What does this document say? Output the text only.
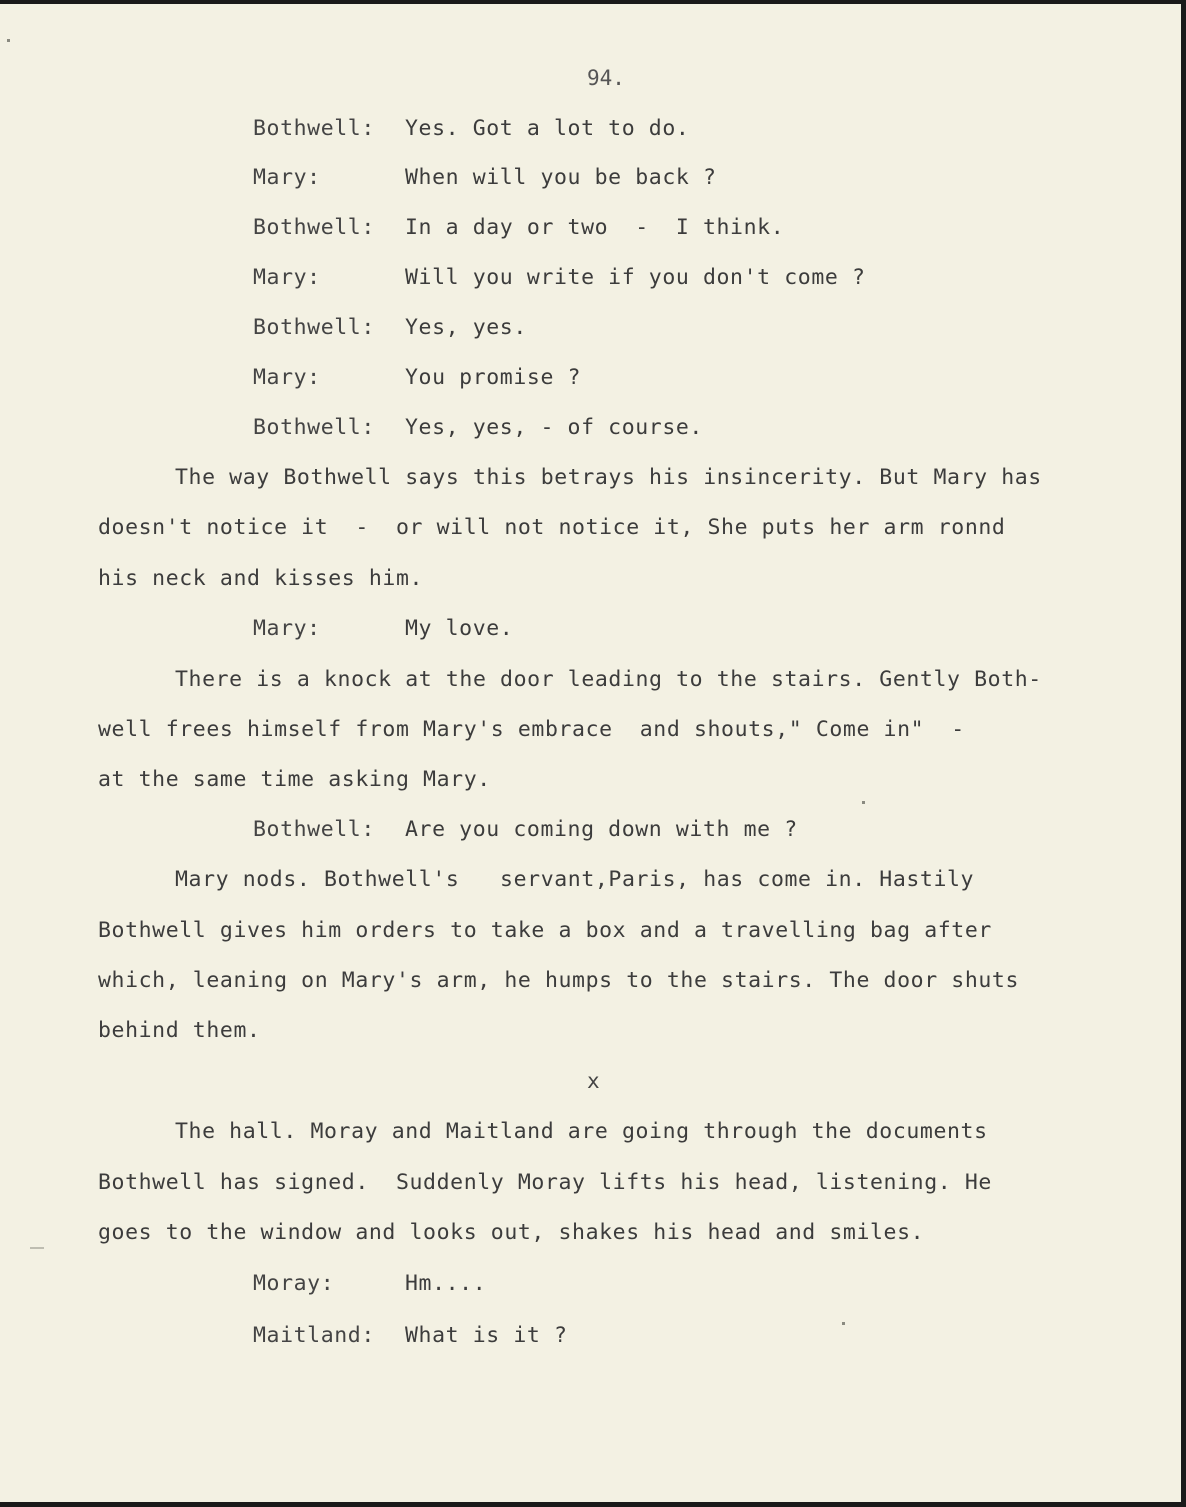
94.
Bothwell: Yes. Got a lot to do.
Mary:	When will you be back ?
Bothwell: In a day or two  -  I think.
Mary:	Will you write if you don't come ?
Bothwell: Yes, yes.
Mary:	You promise ?
Bothwell: Yes, yes, - of course.
The way Bothwell says this betrays his insincerity. But Mary has
doesn't notice it  -  or will not notice it, She puts her arm ronnd
his neck and kisses him.
Mary:	My love.
There is a knock at the door leading to the stairs. Gently Both-
well frees himself from Mary's embrace  and shouts," Come in"  -
at the same time asking Mary.
Bothwell: Are you coming down with me ?
Mary nods. Bothwell's   servant,Paris, has come in. Hastily
Bothwell gives him orders to take a box and a travelling bag after
which, leaning on Mary's arm, he humps to the stairs. The door shuts
behind them.
x
The hall. Moray and Maitland are going through the documents
Bothwell has signed.  Suddenly Moray lifts his head, listening. He
goes to the window and looks out, shakes his head and smiles.
Moray:	Hm....
Maitland: What is it ?
